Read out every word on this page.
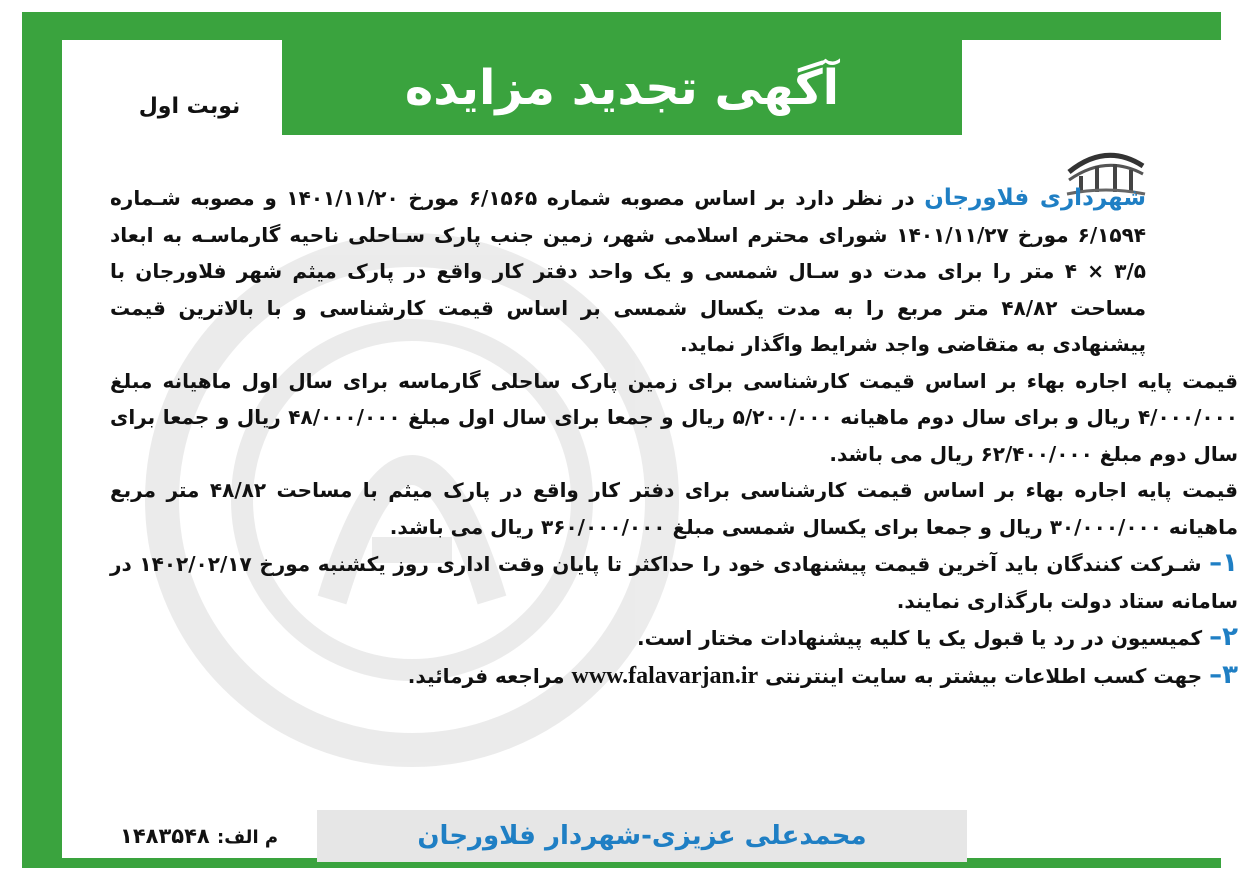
آگهی تجدید مزایده
نوبت اول

شهرداری فلاورجان در نظر دارد بر اساس مصوبه شماره ۶/۱۵۶۵ مورخ ۱۴۰۱/۱۱/۲۰ و مصوبه شـماره ۶/۱۵۹۴ مورخ ۱۴۰۱/۱۱/۲۷ شورای محترم اسلامی شهر، زمین جنب پارک سـاحلی ناحیه گارماسـه به ابعاد ۳/۵ × ۴ متر را برای مدت دو سـال شمسی و یک واحد دفتر کار واقع در پارک میثم شهر فلاورجان با مساحت ۴۸/۸۲ متر مربع را به مدت یکسال شمسی بر اساس قیمت کارشناسی و با بالاترین قیمت پیشنهادی به متقاضی واجد شرایط واگذار نماید.

قیمت پایه اجاره بهاء بر اساس قیمت کارشناسی برای زمین پارک ساحلی گارماسه برای سال اول ماهیانه مبلغ ۴/۰۰۰/۰۰۰ ریال و برای سال دوم ماهیانه ۵/۲۰۰/۰۰۰ ریال و جمعا برای سال اول مبلغ ۴۸/۰۰۰/۰۰۰ ریال و جمعا برای سال دوم مبلغ ۶۲/۴۰۰/۰۰۰ ریال می باشد.

قیمت پایه اجاره بهاء بر اساس قیمت کارشناسی برای دفتر کار واقع در پارک میثم با مساحت ۴۸/۸۲ متر مربع ماهیانه ۳۰/۰۰۰/۰۰۰ ریال و جمعا برای یکسال شمسی مبلغ ۳۶۰/۰۰۰/۰۰۰ ریال می باشد.

۱– شـرکت کنندگان باید آخرین قیمت پیشنهادی خود را حداکثر تا پایان وقت اداری روز یکشنبه مورخ ۱۴۰۲/۰۲/۱۷ در سامانه ستاد دولت بارگذاری نمایند.

۲– کمیسیون در رد یا قبول یک یا کلیه پیشنهادات مختار است.

۳– جهت کسب اطلاعات بیشتر به سایت اینترنتی www.falavarjan.ir مراجعه فرمائید.

محمدعلی عزیزی-شهردار فلاورجان
م الف: ۱۴۸۳۵۴۸
